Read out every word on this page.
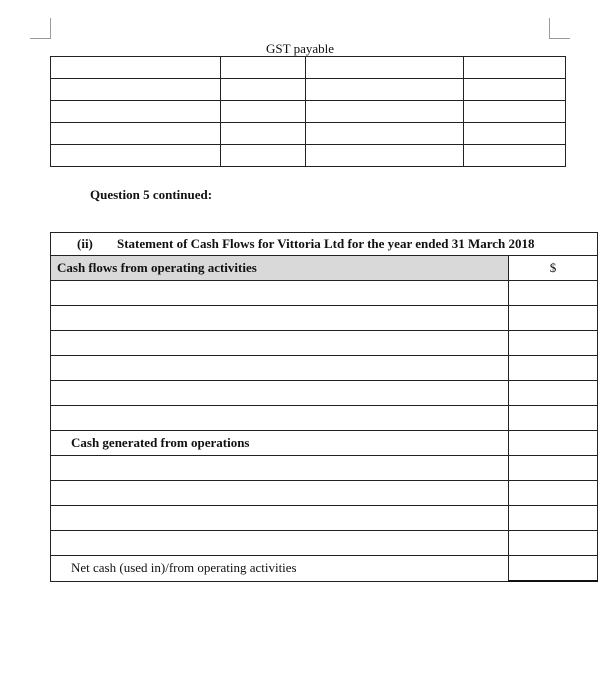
GST payable

Question 5 continued:
(ii) Statement of Cash Flows for Vittoria Ltd for the year ended 31 March 2018	
Cash flows from operating activities	$

Cash generated from operations	

Net cash (used in)/from operating activities	
